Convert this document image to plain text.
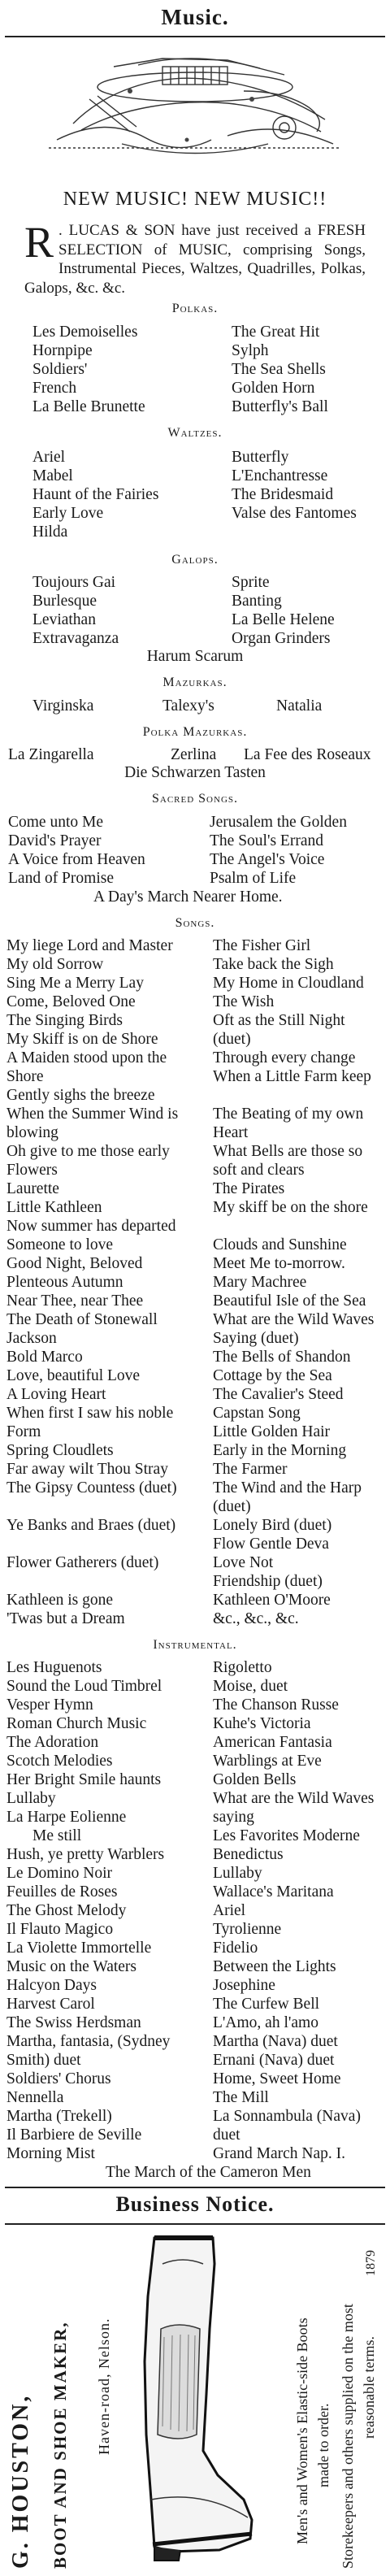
Music.
NEW MUSIC! NEW MUSIC!!
R . LUCAS & SON have just received a FRESH SELECTION of MUSIC, comprising Songs, Instrumental Pieces, Waltzes, Quadrilles, Polkas, Galops, &c. &c.
Polkas.
Les Demoiselles
Hornpipe
Soldiers'
French
La Belle Brunette
The Great Hit
Sylph
The Sea Shells
Golden Horn
Butterfly's Ball
Waltzes.
Ariel
Mabel
Haunt of the Fairies
Early Love
Hilda
Butterfly
L'Enchantresse
The Bridesmaid
Valse des Fantomes
Galops.
Toujours Gai
Burlesque
Leviathan
Extravaganza
Sprite
Banting
La Belle Helene
Organ Grinders
Harum Scarum
Mazurkas.
Virginska	Talexy's	Natalia
Polka Mazurkas.
La Zingarella	Zerlina La Fee des Roseaux
Die Schwarzen Tasten
Sacred Songs.
Come unto Me
David's Prayer
A Voice from Heaven
Land of Promise
Jerusalem the Golden
The Soul's Errand
The Angel's Voice
Psalm of Life
A Day's March Nearer Home.
Songs.
My liege Lord and Master
My old Sorrow
Sing Me a Merry Lay
Come, Beloved One
The Singing Birds
My Skiff is on de Shore
A Maiden stood upon the Shore
Gently sighs the breeze
When the Summer Wind is blowing
Oh give to me those early Flowers
Laurette
Little Kathleen
Now summer has departed
Someone to love
Good Night, Beloved
Plenteous Autumn
Near Thee, near Thee
The Death of Stonewall Jackson
Bold Marco
Love, beautiful Love
A Loving Heart
When first I saw his noble Form
Spring Cloudlets
Far away wilt Thou Stray
The Gipsy Countess (duet)
Ye Banks and Braes (duet)
Flower Gatherers (duet)
Kathleen is gone
'Twas but a Dream
The Fisher Girl
Take back the Sigh
My Home in Cloudland
The Wish
Oft as the Still Night (duet)
Through every change
When a Little Farm keep
The Beating of my own Heart
What Bells are those so soft and clears
The Pirates
My skiff be on the shore
Clouds and Sunshine
Meet Me to-morrow.
Mary Machree
Beautiful Isle of the Sea
What are the Wild Waves Saying (duet)
The Bells of Shandon
Cottage by the Sea
The Cavalier's Steed
Capstan Song
Little Golden Hair
Early in the Morning
The Farmer
The Wind and the Harp (duet)
Lonely Bird (duet)
Flow Gentle Deva
Love Not
Friendship (duet)
Kathleen O'Moore
&c., &c., &c.
Instrumental.
Les Huguenots
Sound the Loud Timbrel
Vesper Hymn
Roman Church Music
The Adoration
Scotch Melodies
Her Bright Smile haunts
Lullaby
La Harpe Eolienne
Me still
Hush, ye pretty Warblers
Le Domino Noir
Feuilles de Roses
The Ghost Melody
Il Flauto Magico
La Violette Immortelle
Music on the Waters
Halcyon Days
Harvest Carol
The Swiss Herdsman
Martha, fantasia, (Sydney Smith) duet
Soldiers' Chorus
Nennella
Martha (Trekell)
Il Barbiere de Seville
Morning Mist
Rigoletto
Moise, duet
The Chanson Russe
Kuhe's Victoria
American Fantasia
Warblings at Eve
Golden Bells
What are the Wild Waves saying
Les Favorites Moderne
Benedictus
Lullaby
Wallace's Maritana
Ariel
Tyrolienne
Fidelio
Between the Lights
Josephine
The Curfew Bell
L'Amo, ah l'amo
Martha (Nava) duet
Ernani (Nava) duet
Home, Sweet Home
The Mill
La Sonnambula (Nava) duet
Grand March Nap. I.
The March of the Cameron Men
Business Notice.
G. HOUSTON, BOOT AND SHOE MAKER, Haven-road, Nelson.	Men's and Women's Elastic-side Boots made to order. Storekeepers and others supplied on the most reasonable terms.
1879
